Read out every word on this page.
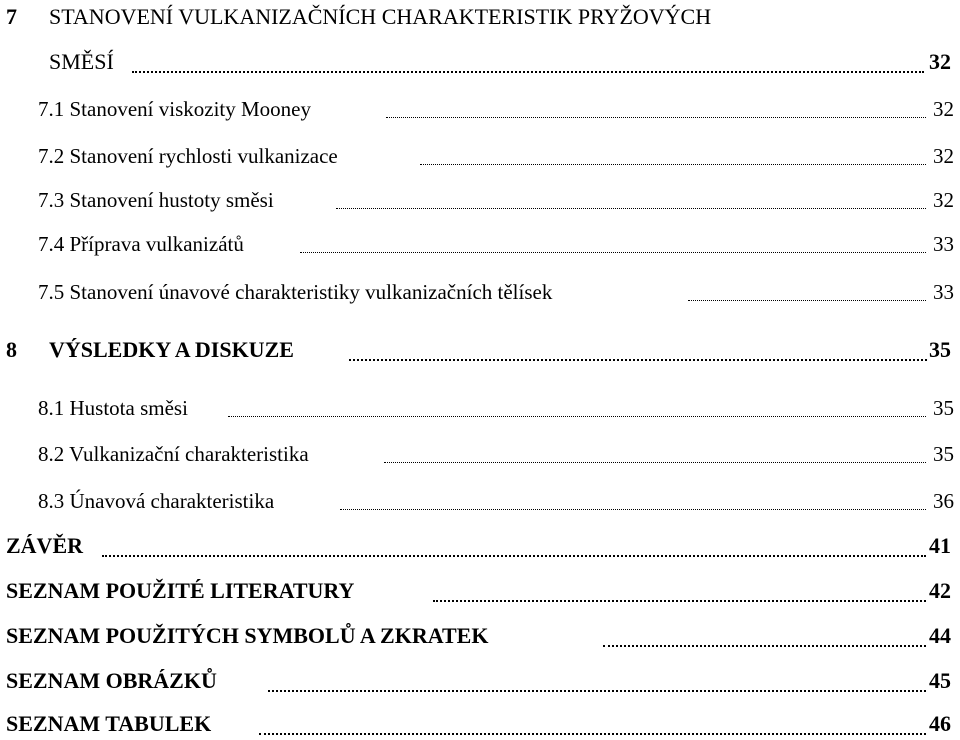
7 STANOVENÍ VULKANIZAČNÍCH CHARAKTERISTIK PRYŽOVÝCH
SMĚSÍ	32
7.1 Stanovení viskozity Mooney	32
7.2 Stanovení rychlosti vulkanizace	32
7.3 Stanovení hustoty směsi	32
7.4 Příprava vulkanizátů	33
7.5 Stanovení únavové charakteristiky vulkanizačních tělísek	33
8 VÝSLEDKY A DISKUZE	35
8.1 Hustota směsi	35
8.2 Vulkanizační charakteristika	35
8.3 Únavová charakteristika	36
ZÁVĚR	41
SEZNAM POUŽITÉ LITERATURY	42
SEZNAM POUŽITÝCH SYMBOLŮ A ZKRATEK	44
SEZNAM OBRÁZKŮ	45
SEZNAM TABULEK	46
